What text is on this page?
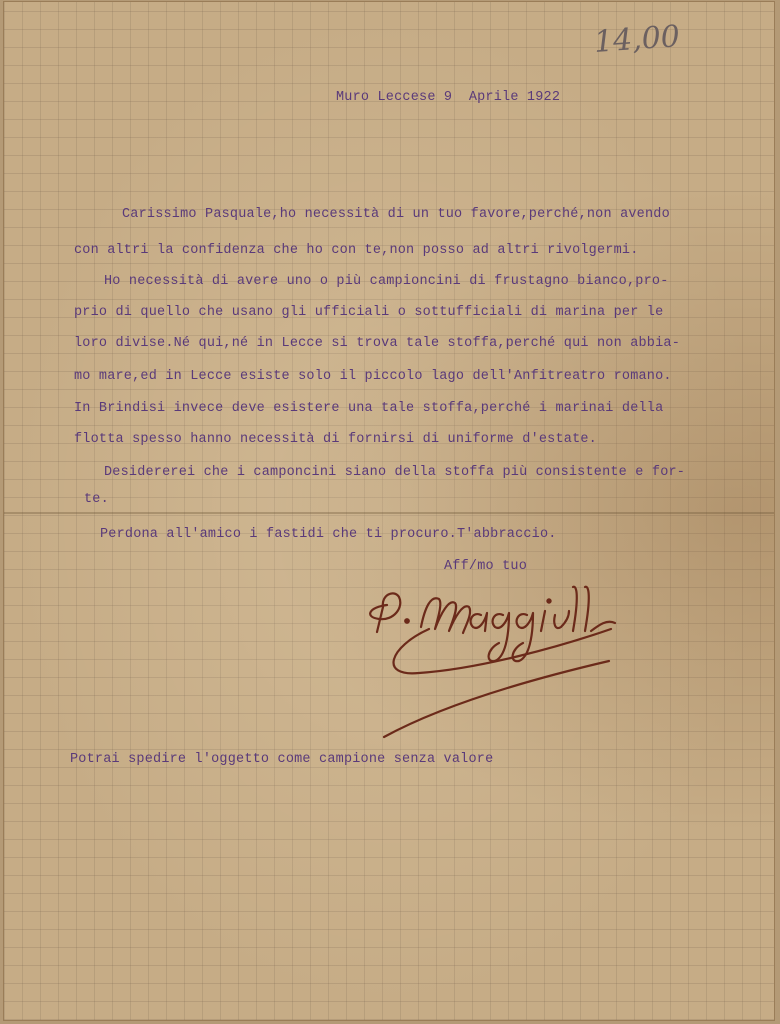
14,00
Muro Leccese 9  Aprile 1922
Carissimo Pasquale,ho necessità di un tuo favore,perché,non avendo
con altri la confidenza che ho con te,non posso ad altri rivolgermi.
Ho necessità di avere uno o più campioncini di frustagno bianco,pro-
prio di quello che usano gli ufficiali o sottufficiali di marina per le
loro divise.Né qui,né in Lecce si trova tale stoffa,perché qui non abbia-
mo mare,ed in Lecce esiste solo il piccolo lago dell'Anfitreatro romano.
In Brindisi invece deve esistere una tale stoffa,perché i marinai della
flotta spesso hanno necessità di fornirsi di uniforme d'estate.
Desidererei che i camponcini siano della stoffa più consistente e for-
te.
Perdona all'amico i fastidi che ti procuro.T'abbraccio.
Aff/mo tuo
Potrai spedire l'oggetto come campione senza valore
